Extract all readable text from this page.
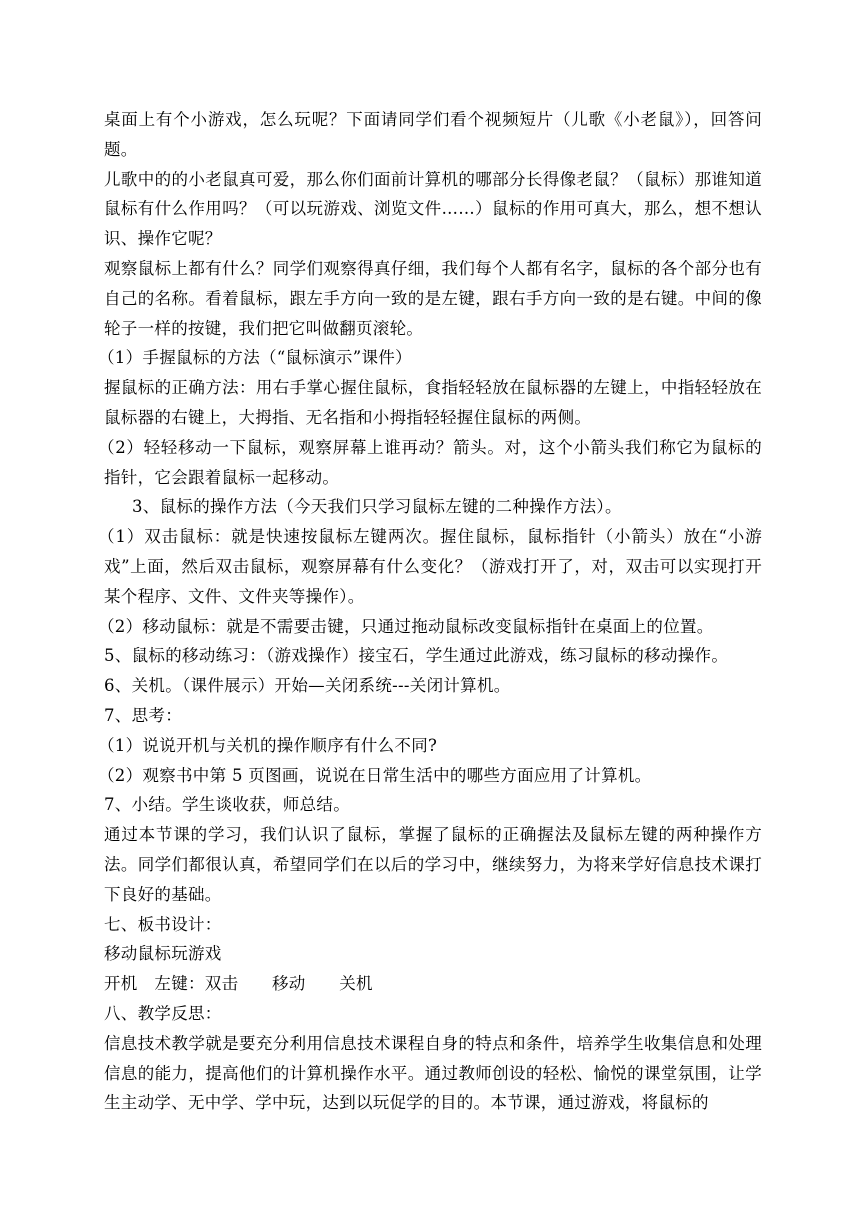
桌面上有个小游戏，怎么玩呢？下面请同学们看个视频短片（儿歌《小老鼠》），回答问题。

儿歌中的的小老鼠真可爱，那么你们面前计算机的哪部分长得像老鼠？（鼠标）那谁知道鼠标有什么作用吗？（可以玩游戏、浏览文件……）鼠标的作用可真大，那么，想不想认识、操作它呢？

观察鼠标上都有什么？同学们观察得真仔细，我们每个人都有名字，鼠标的各个部分也有自己的名称。看着鼠标，跟左手方向一致的是左键，跟右手方向一致的是右键。中间的像轮子一样的按键，我们把它叫做翻页滚轮。

（1）手握鼠标的方法（“鼠标演示”课件）

握鼠标的正确方法：用右手掌心握住鼠标，食指轻轻放在鼠标器的左键上，中指轻轻放在鼠标器的右键上，大拇指、无名指和小拇指轻轻握住鼠标的两侧。

（2）轻轻移动一下鼠标，观察屏幕上谁再动？箭头。对，这个小箭头我们称它为鼠标的指针，它会跟着鼠标一起移动。

3、鼠标的操作方法（今天我们只学习鼠标左键的二种操作方法）。

（1）双击鼠标：就是快速按鼠标左键两次。握住鼠标，鼠标指针（小箭头）放在“小游戏”上面，然后双击鼠标，观察屏幕有什么变化？（游戏打开了，对，双击可以实现打开某个程序、文件、文件夹等操作）。

（2）移动鼠标：就是不需要击键，只通过拖动鼠标改变鼠标指针在桌面上的位置。

5、鼠标的移动练习：（游戏操作）接宝石，学生通过此游戏，练习鼠标的移动操作。

6、关机。（课件展示）开始—关闭系统---关闭计算机。

7、思考：

（1）说说开机与关机的操作顺序有什么不同?

（2）观察书中第 5 页图画，说说在日常生活中的哪些方面应用了计算机。

7、小结。学生谈收获，师总结。

通过本节课的学习，我们认识了鼠标，掌握了鼠标的正确握法及鼠标左键的两种操作方法。同学们都很认真，希望同学们在以后的学习中，继续努力，为将来学好信息技术课打下良好的基础。

七、板书设计：

移动鼠标玩游戏

开机　左键：双击　　移动　　关机

八、教学反思：

信息技术教学就是要充分利用信息技术课程自身的特点和条件，培养学生收集信息和处理信息的能力，提高他们的计算机操作水平。通过教师创设的轻松、愉悦的课堂氛围，让学生主动学、无中学、学中玩，达到以玩促学的目的。本节课，通过游戏，将鼠标的
